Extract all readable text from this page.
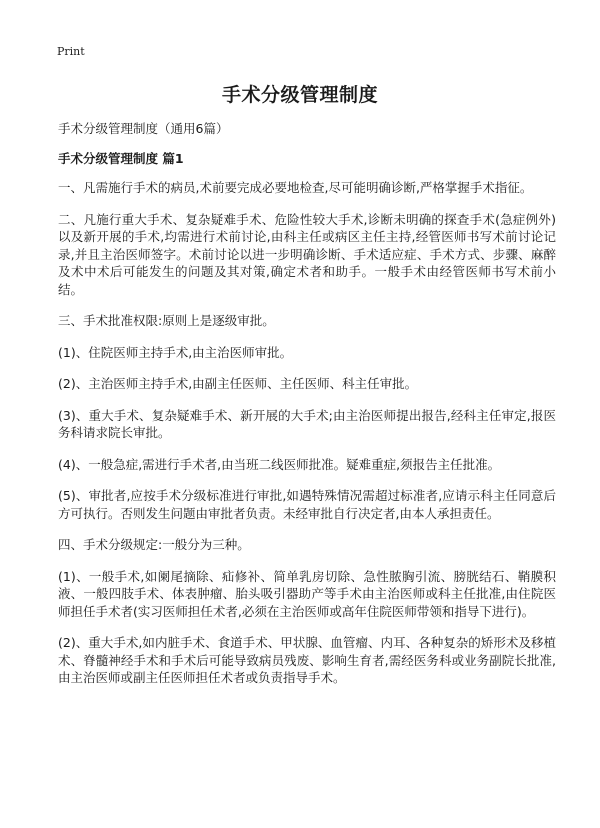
Print
手术分级管理制度

手术分级管理制度（通用6篇）

手术分级管理制度 篇1

一、凡需施行手术的病员,术前要完成必要地检查,尽可能明确诊断,严格掌握手术指征。

二、凡施行重大手术、复杂疑难手术、危险性较大手术,诊断未明确的探查手术(急症例外)以及新开展的手术,均需进行术前讨论,由科主任或病区主任主持,经管医师书写术前讨论记录,并且主治医师签字。术前讨论以进一步明确诊断、手术适应症、手术方式、步骤、麻醉及术中术后可能发生的问题及其对策,确定术者和助手。一般手术由经管医师书写术前小结。

三、手术批准权限:原则上是逐级审批。

(1)、住院医师主持手术,由主治医师审批。

(2)、主治医师主持手术,由副主任医师、主任医师、科主任审批。

(3)、重大手术、复杂疑难手术、新开展的大手术;由主治医师提出报告,经科主任审定,报医务科请求院长审批。

(4)、一般急症,需进行手术者,由当班二线医师批准。疑难重症,须报告主任批准。

(5)、审批者,应按手术分级标准进行审批,如遇特殊情况需超过标准者,应请示科主任同意后方可执行。否则发生问题由审批者负责。未经审批自行决定者,由本人承担责任。

四、手术分级规定:一般分为三种。

(1)、一般手术,如阑尾摘除、疝修补、简单乳房切除、急性脓胸引流、膀胱结石、鞘膜积液、一般四肢手术、体表肿瘤、胎头吸引器助产等手术由主治医师或科主任批准,由住院医师担任手术者(实习医师担任术者,必须在主治医师或高年住院医师带领和指导下进行)。

(2)、重大手术,如内脏手术、食道手术、甲状腺、血管瘤、内耳、各种复杂的矫形术及移植术、脊髓神经手术和手术后可能导致病员残废、影响生育者,需经医务科或业务副院长批准,由主治医师或副主任医师担任术者或负责指导手术。
